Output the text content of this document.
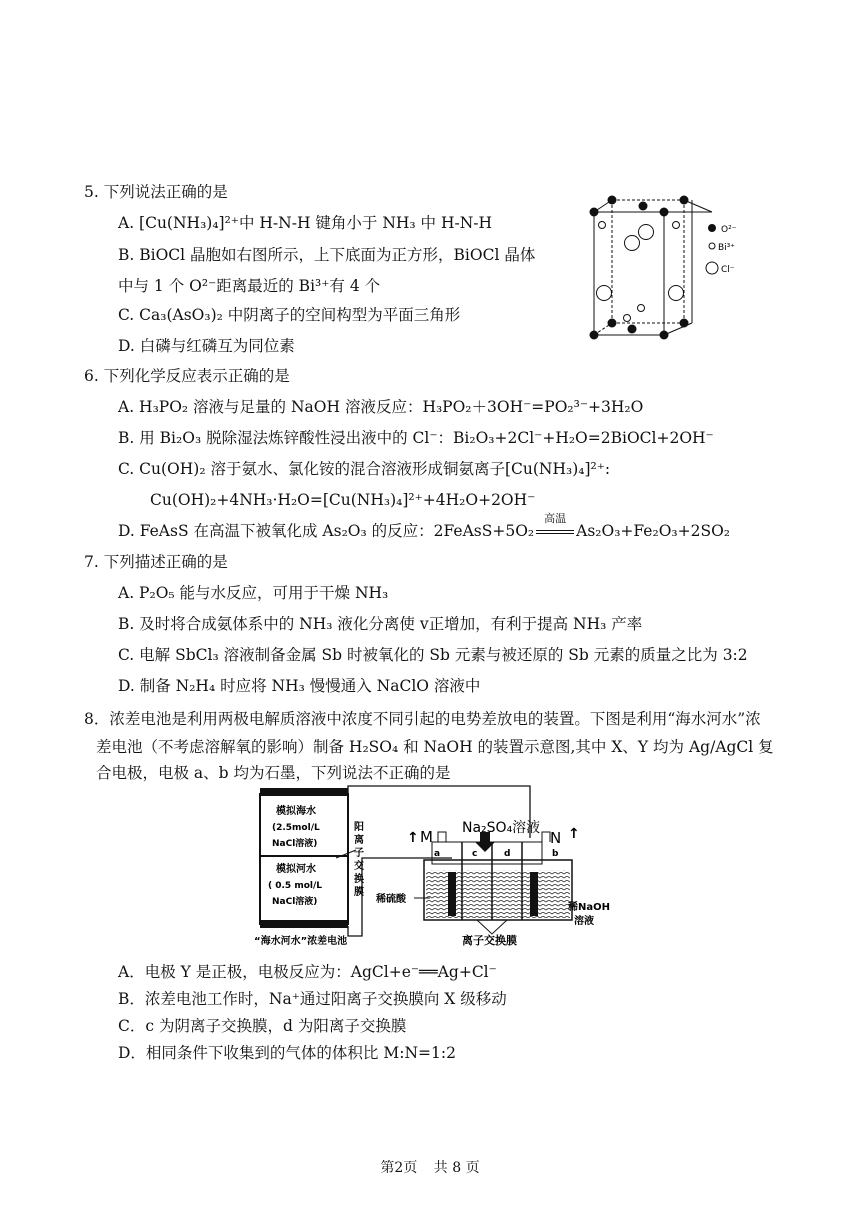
5. 下列说法正确的是
A. [Cu(NH₃)₄]²⁺中 H-N-H 键角小于 NH₃ 中 H-N-H
B. BiOCl 晶胞如右图所示，上下底面为正方形，BiOCl 晶体
中与 1 个 O²⁻距离最近的 Bi³⁺有 4 个
C. Ca₃(AsO₃)₂ 中阴离子的空间构型为平面三角形
D. 白磷与红磷互为同位素
O²⁻
Bi³⁺
Cl⁻
6. 下列化学反应表示正确的是
A. H₃PO₂ 溶液与足量的 NaOH 溶液反应：H₃PO₂＋3OH⁻=PO₂³⁻+3H₂O
B. 用 Bi₂O₃ 脱除湿法炼锌酸性浸出液中的 Cl⁻：Bi₂O₃+2Cl⁻+H₂O=2BiOCl+2OH⁻
C. Cu(OH)₂ 溶于氨水、氯化铵的混合溶液形成铜氨离子[Cu(NH₃)₄]²⁺:
Cu(OH)₂+4NH₃·H₂O=[Cu(NH₃)₄]²⁺+4H₂O+2OH⁻
D. FeAsS 在高温下被氧化成 As₂O₃ 的反应：2FeAsS+5O₂
高温
As₂O₃+Fe₂O₃+2SO₂
7. 下列描述正确的是
A. P₂O₅ 能与水反应，可用于干燥 NH₃
B. 及时将合成氨体系中的 NH₃ 液化分离使 v正增加，有利于提高 NH₃ 产率
C. 电解 SbCl₃ 溶液制备金属 Sb 时被氧化的 Sb 元素与被还原的 Sb 元素的质量之比为 3:2
D. 制备 N₂H₄ 时应将 NH₃ 慢慢通入 NaClO 溶液中
8．浓差电池是利用两极电解质溶液中浓度不同引起的电势差放电的装置。下图是利用“海水河水”浓
差电池（不考虑溶解氧的影响）制备 H₂SO₄ 和 NaOH 的装置示意图,其中 X、Y 均为 Ag/AgCl 复
合电极，电极 a、b 均为石墨，下列说法不正确的是
模拟海水
(2.5mol/L
NaCl溶液)
模拟河水
( 0.5 mol/L
NaCl溶液)
阳
离
子
交
换
膜
“海水河水”浓差电池
a	c	d	b
Na₂SO₄溶液
M	N
↑	↑
稀硫酸
稀NaOH
溶液
离子交换膜
A．电极 Y 是正极，电极反应为：AgCl+e⁻══Ag+Cl⁻
B．浓差电池工作时，Na⁺通过阳离子交换膜向 X 级移动
C．c 为阴离子交换膜，d 为阳离子交换膜
D．相同条件下收集到的气体的体积比 M:N=1:2
第2页 共 8 页
